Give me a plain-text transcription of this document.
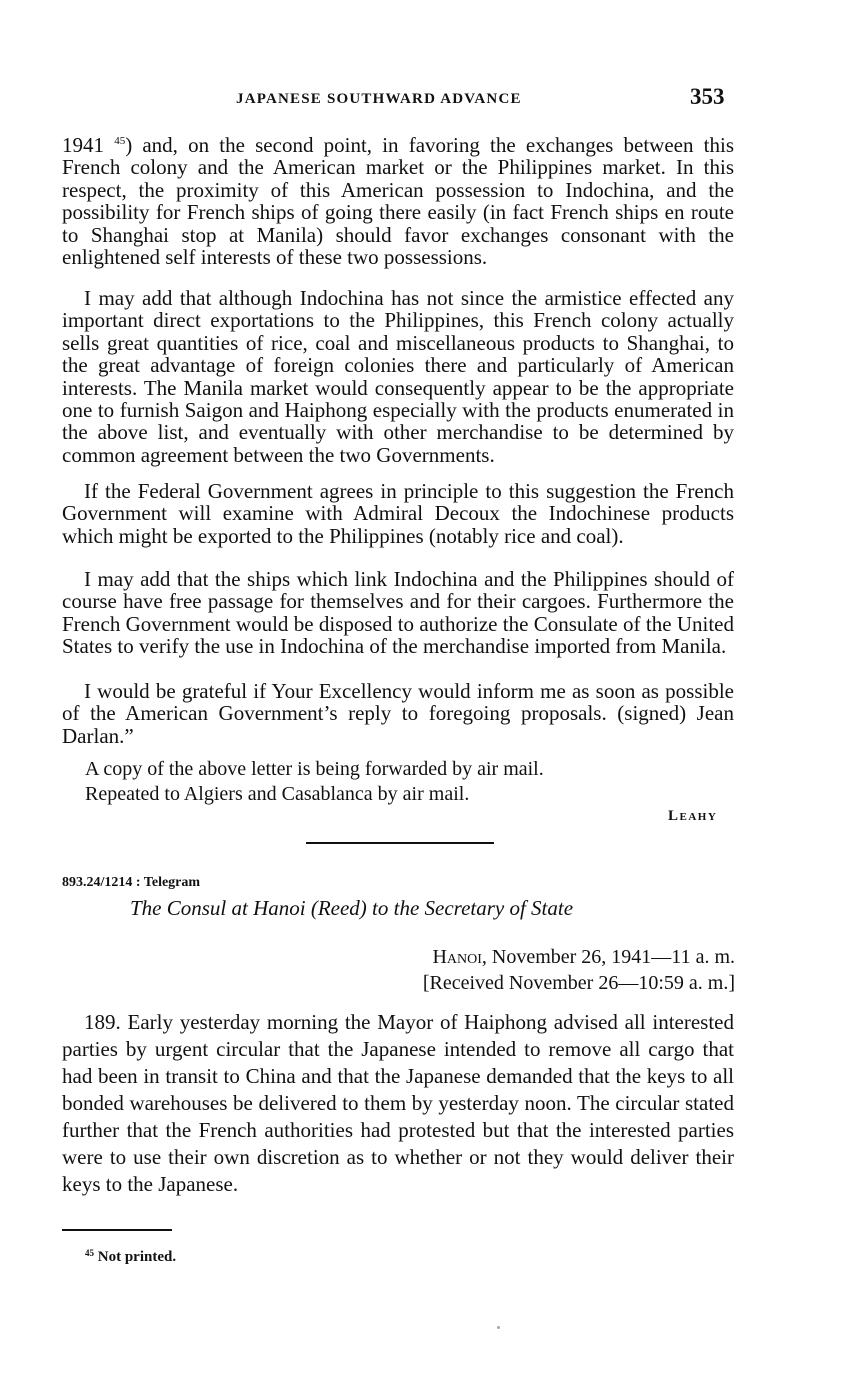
JAPANESE SOUTHWARD ADVANCE	353

1941 $^{45}$) and, on the second point, in favoring the exchanges between this French colony and the American market or the Philippines market. In this respect, the proximity of this American possession to Indochina, and the possibility for French ships of going there easily (in fact French ships en route to Shanghai stop at Manila) should favor exchanges consonant with the enlightened self interests of these two possessions.

I may add that although Indochina has not since the armistice effected any important direct exportations to the Philippines, this French colony actually sells great quantities of rice, coal and miscellaneous products to Shanghai, to the great advantage of foreign colonies there and particularly of American interests. The Manila market would consequently appear to be the appropriate one to furnish Saigon and Haiphong especially with the products enumerated in the above list, and eventually with other merchandise to be determined by common agreement between the two Governments.

If the Federal Government agrees in principle to this suggestion the French Government will examine with Admiral Decoux the Indochinese products which might be exported to the Philippines (notably rice and coal).

I may add that the ships which link Indochina and the Philippines should of course have free passage for themselves and for their cargoes. Furthermore the French Government would be disposed to authorize the Consulate of the United States to verify the use in Indochina of the merchandise imported from Manila.

I would be grateful if Your Excellency would inform me as soon as possible of the American Government’s reply to foregoing proposals. (signed) Jean Darlan.”

A copy of the above letter is being forwarded by air mail.
Repeated to Algiers and Casablanca by air mail.
Leahy
893.24/1214 : Telegram
The Consul at Hanoi (Reed) to the Secretary of State
Hanoi, November 26, 1941—11 a. m.
[Received November 26—10:59 a. m.]

189. Early yesterday morning the Mayor of Haiphong advised all interested parties by urgent circular that the Japanese intended to remove all cargo that had been in transit to China and that the Japanese demanded that the keys to all bonded warehouses be delivered to them by yesterday noon. The circular stated further that the French authorities had protested but that the interested parties were to use their own discretion as to whether or not they would deliver their keys to the Japanese.

$^{45}$ Not printed.
